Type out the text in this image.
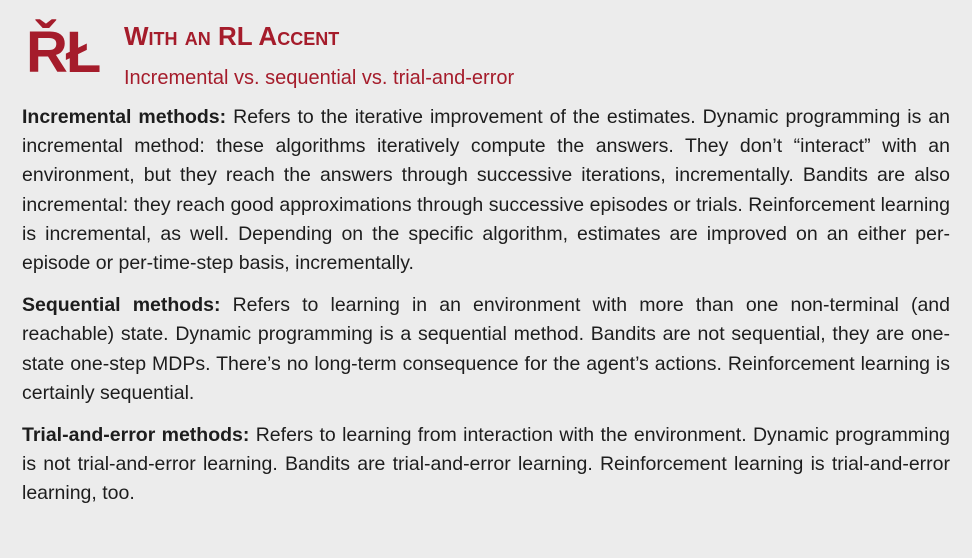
ŘŁ With an RL Accent
Incremental vs. sequential vs. trial-and-error

Incremental methods: Refers to the iterative improvement of the estimates. Dynamic programming is an incremental method: these algorithms iteratively compute the answers. They don’t “interact” with an environment, but they reach the answers through successive iterations, incrementally. Bandits are also incremental: they reach good approximations through successive episodes or trials. Reinforcement learning is incremental, as well. Depending on the specific algorithm, estimates are improved on an either per-episode or per-time-step basis, incrementally.

Sequential methods: Refers to learning in an environment with more than one non-terminal (and reachable) state. Dynamic programming is a sequential method. Bandits are not sequential, they are one-state one-step MDPs. There’s no long-term consequence for the agent’s actions. Reinforcement learning is certainly sequential.

Trial-and-error methods: Refers to learning from interaction with the environment. Dynamic programming is not trial-and-error learning. Bandits are trial-and-error learning. Reinforcement learning is trial-and-error learning, too.
